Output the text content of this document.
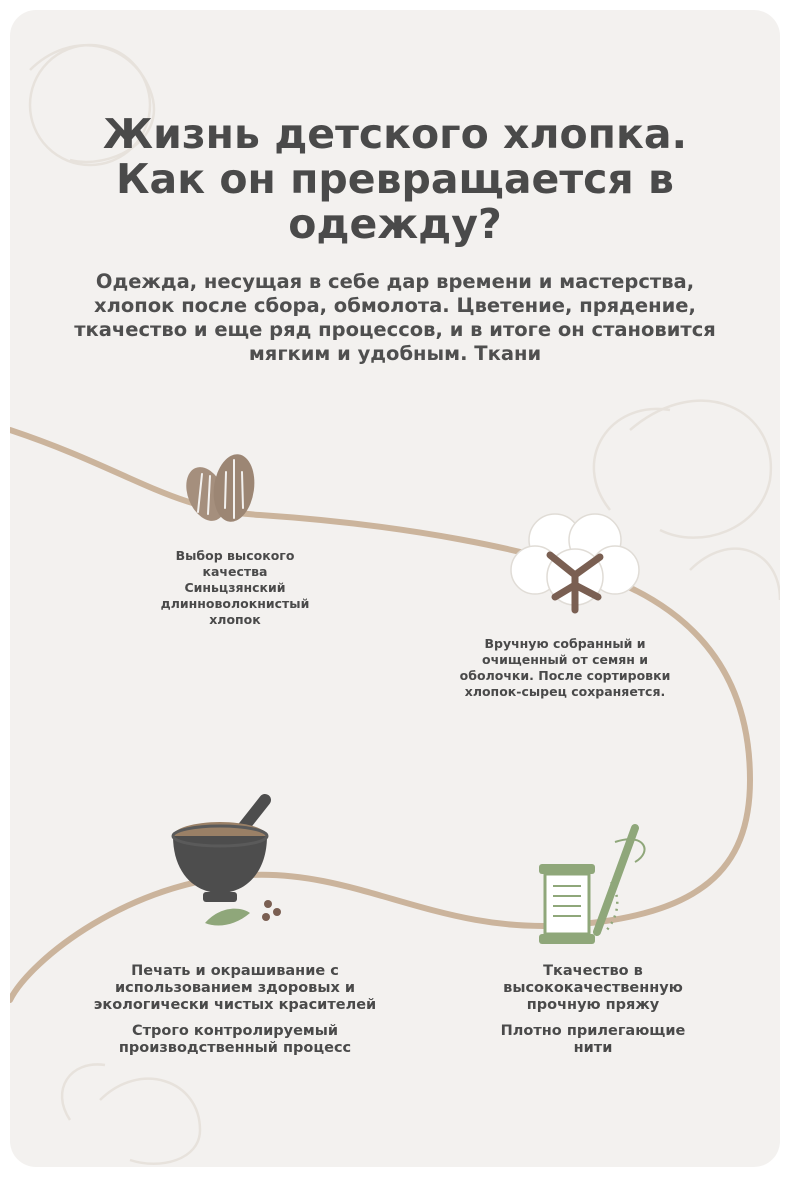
Жизнь детского хлопка.
Как он превращается в
одежду?
Одежда, несущая в себе дар времени и мастерства,
хлопок после сбора, обмолота. Цветение, прядение,
ткачество и еще ряд процессов, и в итоге он становится
мягким и удобным. Ткани
Выбор высокого
качества
Синьцзянский
длинноволокнистый
хлопок
Вручную собранный и
очищенный от семян и
оболочки. После сортировки
хлопок-сырец сохраняется.
Печать и окрашивание с
использованием здоровых и
экологически чистых красителей
Строго контролируемый
производственный процесс
Ткачество в
высококачественную
прочную пряжу
Плотно прилегающие
нити
